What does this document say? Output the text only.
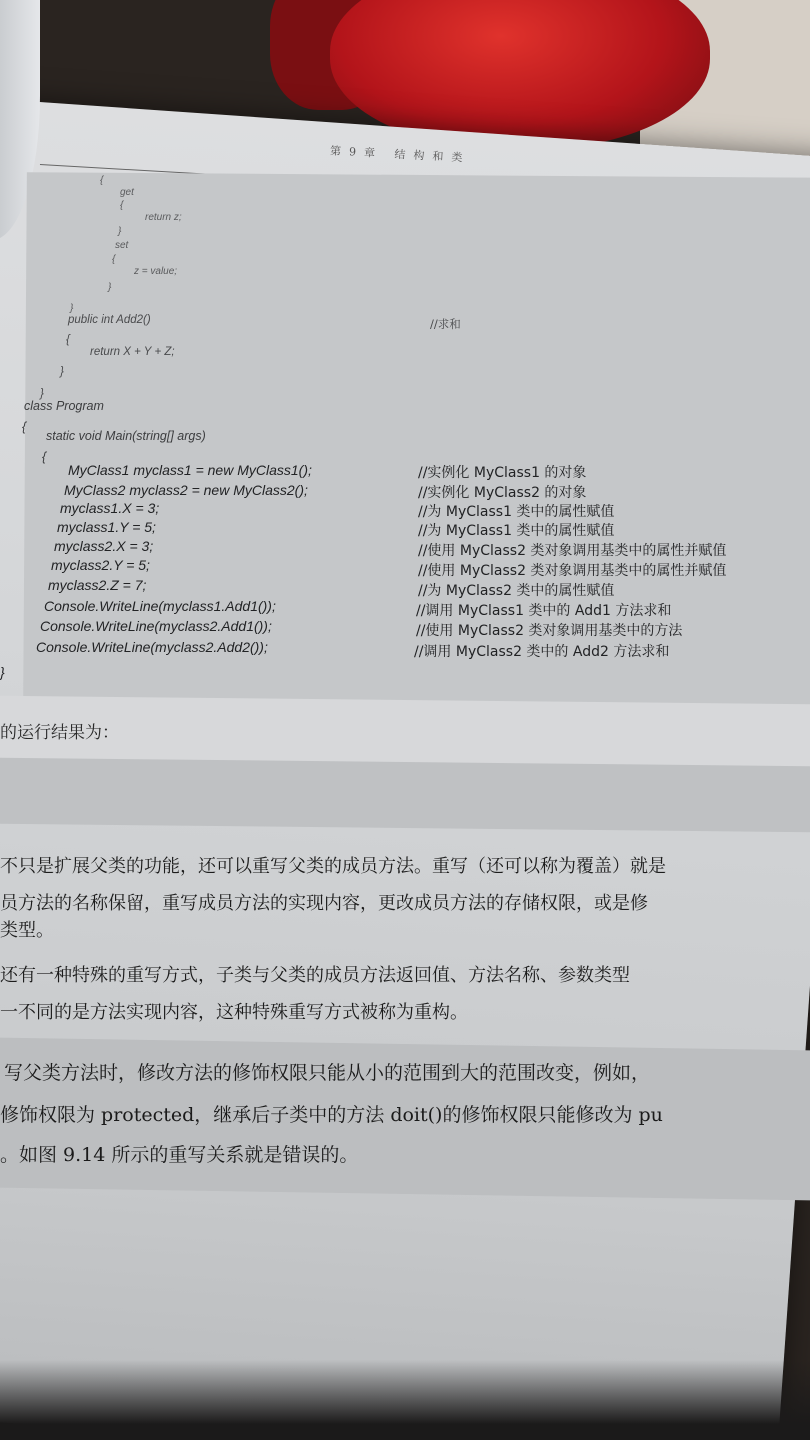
第9章 结构和类
{
get
{
return z;
}
set
{
z = value;
}
}
public int Add2()	//求和
{
return X + Y + Z;
}
}
class Program
{
static void Main(string[] args)
{
MyClass1 myclass1 = new MyClass1();	//实例化 MyClass1 的对象
MyClass2 myclass2 = new MyClass2();	//实例化 MyClass2 的对象
myclass1.X = 3;	//为 MyClass1 类中的属性赋值
myclass1.Y = 5;	//为 MyClass1 类中的属性赋值
myclass2.X = 3;	//使用 MyClass2 类对象调用基类中的属性并赋值
myclass2.Y = 5;	//使用 MyClass2 类对象调用基类中的属性并赋值
myclass2.Z = 7;	//为 MyClass2 类中的属性赋值
Console.WriteLine(myclass1.Add1());	//调用 MyClass1 类中的 Add1 方法求和
Console.WriteLine(myclass2.Add1());	//使用 MyClass2 类对象调用基类中的方法
Console.WriteLine(myclass2.Add2());	//调用 MyClass2 类中的 Add2 方法求和
}
的运行结果为：
不只是扩展父类的功能，还可以重写父类的成员方法。重写（还可以称为覆盖）就是
员方法的名称保留，重写成员方法的实现内容，更改成员方法的存储权限，或是修
类型。
还有一种特殊的重写方式，子类与父类的成员方法返回值、方法名称、参数类型
一不同的是方法实现内容，这种特殊重写方式被称为重构。
写父类方法时，修改方法的修饰权限只能从小的范围到大的范围改变，例如，
修饰权限为 protected，继承后子类中的方法 doit()的修饰权限只能修改为 pu
。如图 9.14 所示的重写关系就是错误的。
